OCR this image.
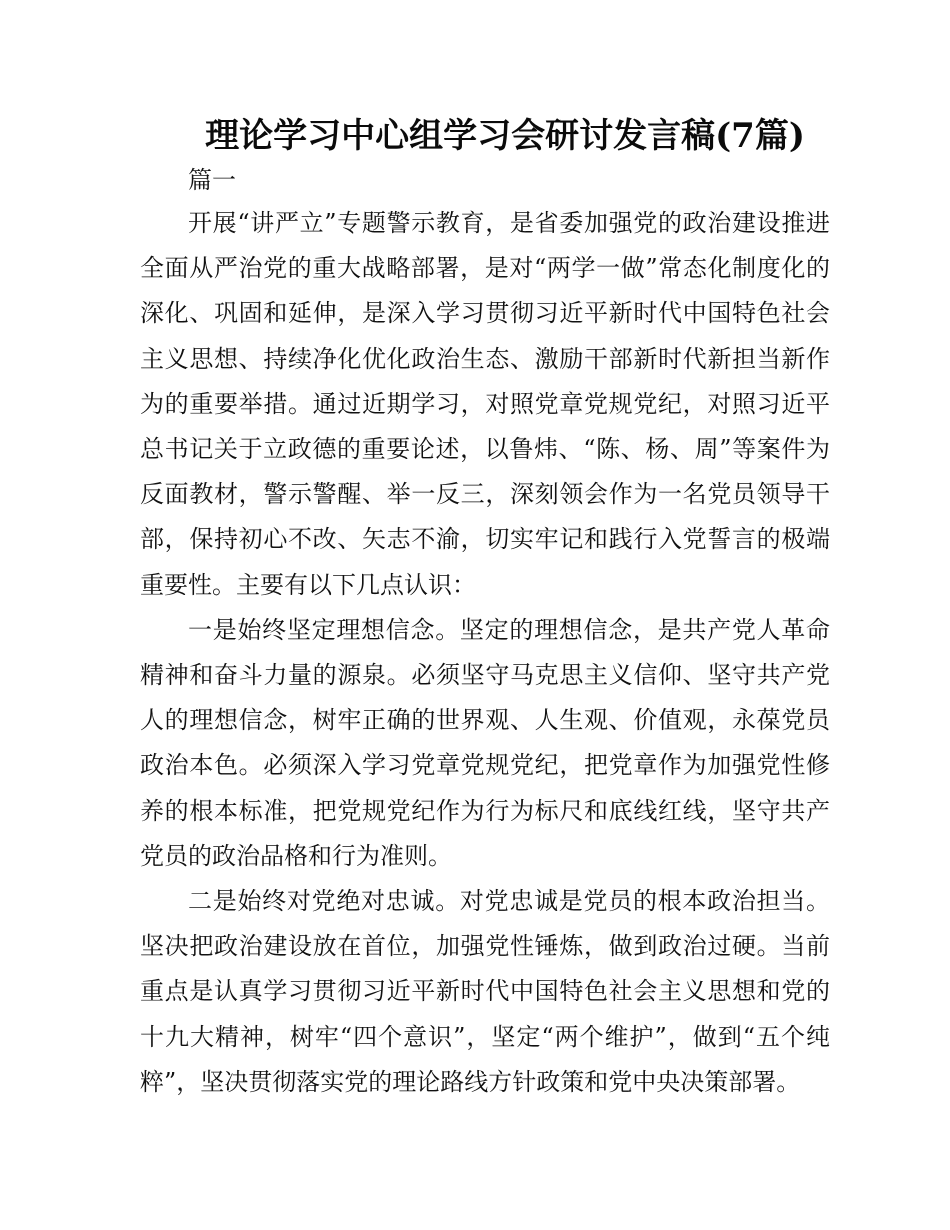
理论学习中心组学习会研讨发言稿(7篇)
篇一

开展“讲严立”专题警示教育，是省委加强党的政治建设推进全面从严治党的重大战略部署，是对“两学一做”常态化制度化的深化、巩固和延伸，是深入学习贯彻习近平新时代中国特色社会主义思想、持续净化优化政治生态、激励干部新时代新担当新作为的重要举措。通过近期学习，对照党章党规党纪，对照习近平总书记关于立政德的重要论述，以鲁炜、“陈、杨、周”等案件为反面教材，警示警醒、举一反三，深刻领会作为一名党员领导干部，保持初心不改、矢志不渝，切实牢记和践行入党誓言的极端重要性。主要有以下几点认识：

一是始终坚定理想信念。坚定的理想信念，是共产党人革命精神和奋斗力量的源泉。必须坚守马克思主义信仰、坚守共产党人的理想信念，树牢正确的世界观、人生观、价值观，永葆党员政治本色。必须深入学习党章党规党纪，把党章作为加强党性修养的根本标准，把党规党纪作为行为标尺和底线红线，坚守共产党员的政治品格和行为准则。

二是始终对党绝对忠诚。对党忠诚是党员的根本政治担当。坚决把政治建设放在首位，加强党性锤炼，做到政治过硬。当前重点是认真学习贯彻习近平新时代中国特色社会主义思想和党的十九大精神，树牢“四个意识”，坚定“两个维护”，做到“五个纯粹”，坚决贯彻落实党的理论路线方针政策和党中央决策部署。
